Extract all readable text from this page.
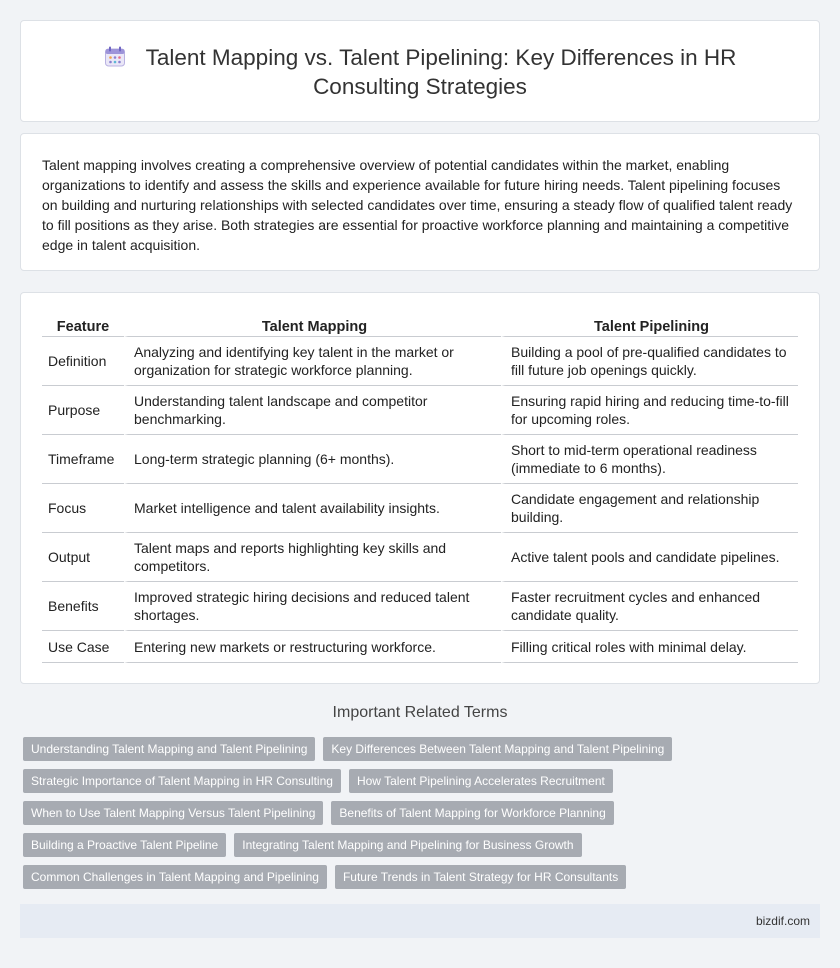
Talent Mapping vs. Talent Pipelining: Key Differences in HR Consulting Strategies

Talent mapping involves creating a comprehensive overview of potential candidates within the market, enabling organizations to identify and assess the skills and experience available for future hiring needs. Talent pipelining focuses on building and nurturing relationships with selected candidates over time, ensuring a steady flow of qualified talent ready to fill positions as they arise. Both strategies are essential for proactive workforce planning and maintaining a competitive edge in talent acquisition.

Feature	Talent Mapping	Talent Pipelining
Definition	Analyzing and identifying key talent in the market or organization for strategic workforce planning.	Building a pool of pre-qualified candidates to fill future job openings quickly.
Purpose	Understanding talent landscape and competitor benchmarking.	Ensuring rapid hiring and reducing time-to-fill for upcoming roles.
Timeframe	Long-term strategic planning (6+ months).	Short to mid-term operational readiness (immediate to 6 months).
Focus	Market intelligence and talent availability insights.	Candidate engagement and relationship building.
Output	Talent maps and reports highlighting key skills and competitors.	Active talent pools and candidate pipelines.
Benefits	Improved strategic hiring decisions and reduced talent shortages.	Faster recruitment cycles and enhanced candidate quality.
Use Case	Entering new markets or restructuring workforce.	Filling critical roles with minimal delay.
Important Related Terms
Understanding Talent Mapping and Talent Pipelining	Key Differences Between Talent Mapping and Talent Pipelining
Strategic Importance of Talent Mapping in HR Consulting	How Talent Pipelining Accelerates Recruitment
When to Use Talent Mapping Versus Talent Pipelining	Benefits of Talent Mapping for Workforce Planning
Building a Proactive Talent Pipeline	Integrating Talent Mapping and Pipelining for Business Growth
Common Challenges in Talent Mapping and Pipelining	Future Trends in Talent Strategy for HR Consultants
bizdif.com
